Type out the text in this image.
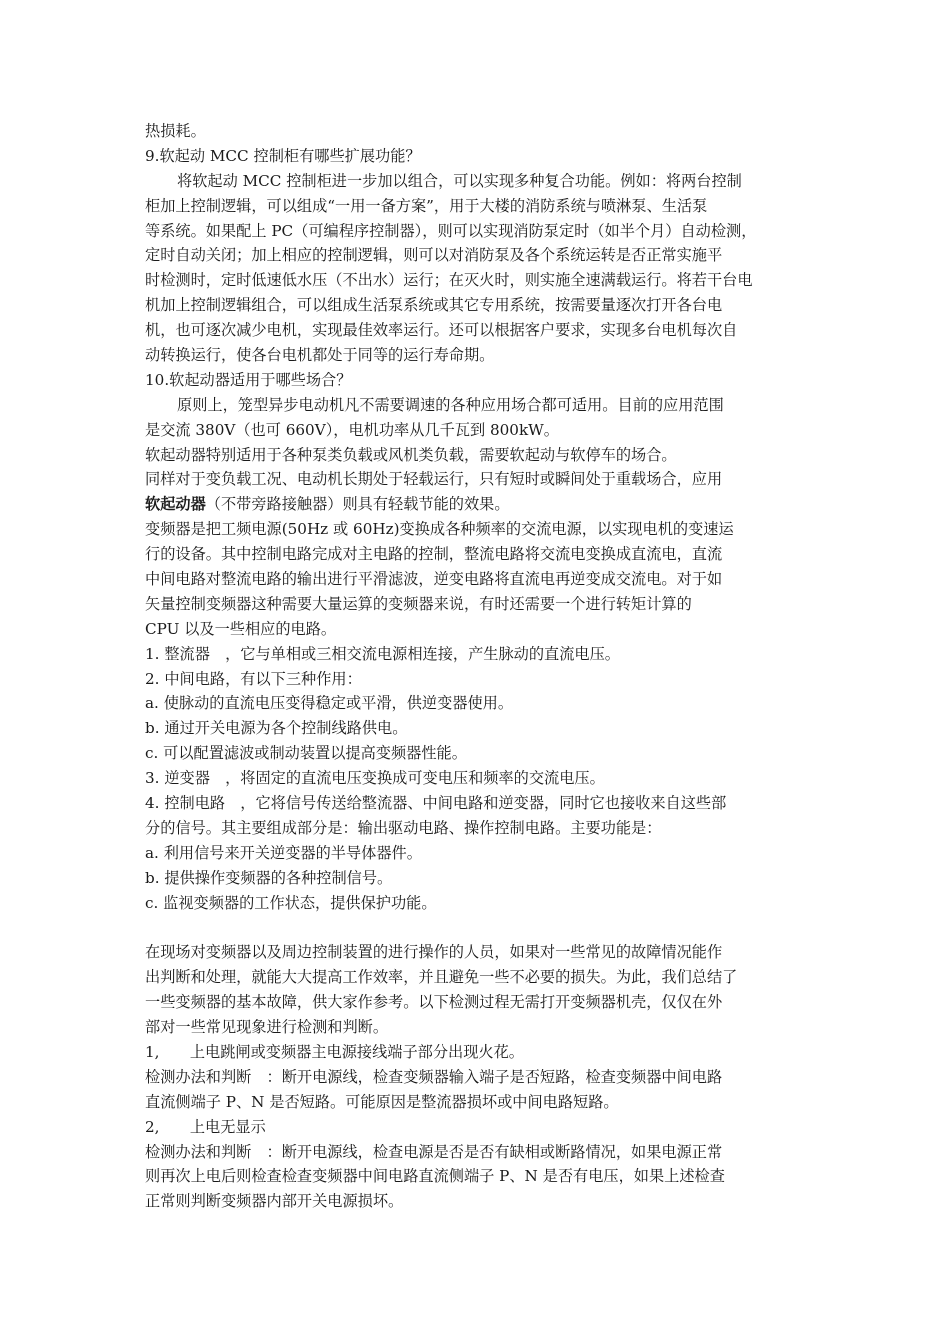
热损耗。
9.软起动 MCC 控制柜有哪些扩展功能？
将软起动 MCC 控制柜进一步加以组合，可以实现多种复合功能。例如：将两台控制
柜加上控制逻辑，可以组成“一用一备方案”，用于大楼的消防系统与喷淋泵、生活泵
等系统。如果配上 PC（可编程序控制器），则可以实现消防泵定时（如半个月）自动检测，
定时自动关闭；加上相应的控制逻辑，则可以对消防泵及各个系统运转是否正常实施平
时检测时，定时低速低水压（不出水）运行；在灭火时，则实施全速满载运行。将若干台电
机加上控制逻辑组合，可以组成生活泵系统或其它专用系统，按需要量逐次打开各台电
机，也可逐次减少电机，实现最佳效率运行。还可以根据客户要求，实现多台电机每次自
动转换运行，使各台电机都处于同等的运行寿命期。
10.软起动器适用于哪些场合？
原则上，笼型异步电动机凡不需要调速的各种应用场合都可适用。目前的应用范围
是交流 380V（也可 660V），电机功率从几千瓦到 800kW。
软起动器特别适用于各种泵类负载或风机类负载，需要软起动与软停车的场合。
同样对于变负载工况、电动机长期处于轻载运行，只有短时或瞬间处于重载场合，应用
软起动器（不带旁路接触器）则具有轻载节能的效果。
变频器是把工频电源(50Hz 或 60Hz)变换成各种频率的交流电源，以实现电机的变速运
行的设备。其中控制电路完成对主电路的控制，整流电路将交流电变换成直流电，直流
中间电路对整流电路的输出进行平滑滤波，逆变电路将直流电再逆变成交流电。对于如
矢量控制变频器这种需要大量运算的变频器来说，有时还需要一个进行转矩计算的
CPU 以及一些相应的电路。
1. 整流器　，它与单相或三相交流电源相连接，产生脉动的直流电压。
2. 中间电路，有以下三种作用：
a. 使脉动的直流电压变得稳定或平滑，供逆变器使用。
b. 通过开关电源为各个控制线路供电。
c. 可以配置滤波或制动装置以提高变频器性能。
3. 逆变器　，将固定的直流电压变换成可变电压和频率的交流电压。
4. 控制电路　，它将信号传送给整流器、中间电路和逆变器，同时它也接收来自这些部
分的信号。其主要组成部分是：输出驱动电路、操作控制电路。主要功能是：
a. 利用信号来开关逆变器的半导体器件。
b. 提供操作变频器的各种控制信号。
c. 监视变频器的工作状态，提供保护功能。
在现场对变频器以及周边控制装置的进行操作的人员，如果对一些常见的故障情况能作
出判断和处理，就能大大提高工作效率，并且避免一些不必要的损失。为此，我们总结了
一些变频器的基本故障，供大家作参考。以下检测过程无需打开变频器机壳，仅仅在外
部对一些常见现象进行检测和判断。
1,　　上电跳闸或变频器主电源接线端子部分出现火花。
检测办法和判断　：断开电源线，检查变频器输入端子是否短路，检查变频器中间电路
直流侧端子 P、N 是否短路。可能原因是整流器损坏或中间电路短路。
2,　　上电无显示
检测办法和判断　：断开电源线，检查电源是否是否有缺相或断路情况，如果电源正常
则再次上电后则检查检查变频器中间电路直流侧端子 P、N 是否有电压，如果上述检查
正常则判断变频器内部开关电源损坏。
